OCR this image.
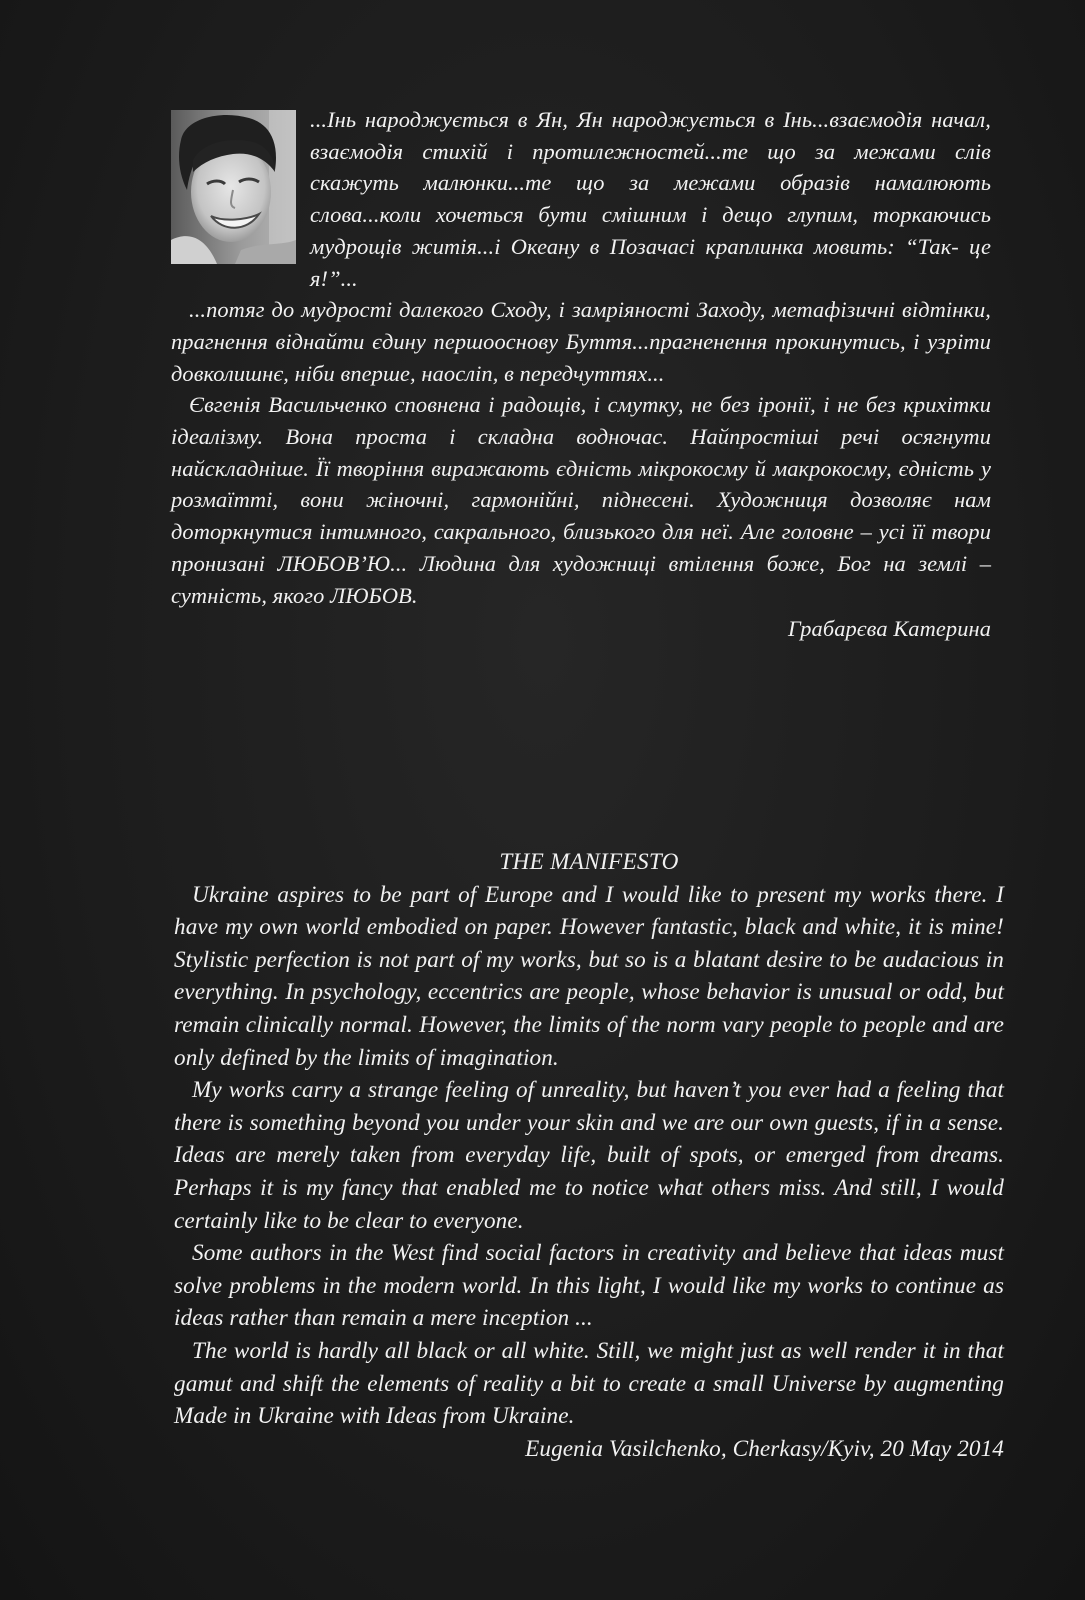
...Інь народжується в Ян, Ян народжується в Інь...взаємодія начал, взаємодія стихій і протилежностей...те що за межами слів скажуть малюнки...те що за межами образів намалюють слова...коли хочеться бути смішним і дещо глупим, торкаючись мудрощів житія...і Океану в Позачасі краплинка мовить: “Так- це я!”...

...потяг до мудрості далекого Сходу, і замріяності Заходу, метафізичні відтінки, прагнення віднайти єдину першооснову Буття...прагненення прокинутись, і узріти довколишнє, ніби вперше, наосліп, в передчуттях...

Євгенія Васильченко сповнена і радощів, і смутку, не без іронії, і не без крихітки ідеалізму. Вона проста і складна водночас. Найпростіші речі осягнути найскладніше. Її творіння виражають єдність мікрокосму й макрокосму, єдність у розмаїтті, вони жіночні, гармонійні, піднесені. Художниця дозволяє нам доторкнутися інтимного, сакрального, близького для неї. Але головне – усі її твори пронизані ЛЮБОВ’Ю... Людина для художниці втілення боже, Бог на землі – сутність, якого ЛЮБОВ.

Грабарєва Катерина

THE MANIFESTO

Ukraine aspires to be part of Europe and I would like to present my works there. I have my own world embodied on paper. However fantastic, black and white, it is mine! Stylistic perfection is not part of my works, but so is a blatant desire to be audacious in everything. In psychology, eccentrics are people, whose behavior is unusual or odd, but remain clinically normal. However, the limits of the norm vary people to people and are only defined by the limits of imagination.

My works carry a strange feeling of unreality, but haven’t you ever had a feeling that there is something beyond you under your skin and we are our own guests, if in a sense. Ideas are merely taken from everyday life, built of spots, or emerged from dreams. Perhaps it is my fancy that enabled me to notice what others miss. And still, I would certainly like to be clear to everyone.

Some authors in the West find social factors in creativity and believe that ideas must solve problems in the modern world. In this light, I would like my works to continue as ideas rather than remain a mere inception ...

The world is hardly all black or all white. Still, we might just as well render it in that gamut and shift the elements of reality a bit to create a small Universe by augmenting Made in Ukraine with Ideas from Ukraine.

Eugenia Vasilchenko, Cherkasy/Kyiv, 20 May 2014
